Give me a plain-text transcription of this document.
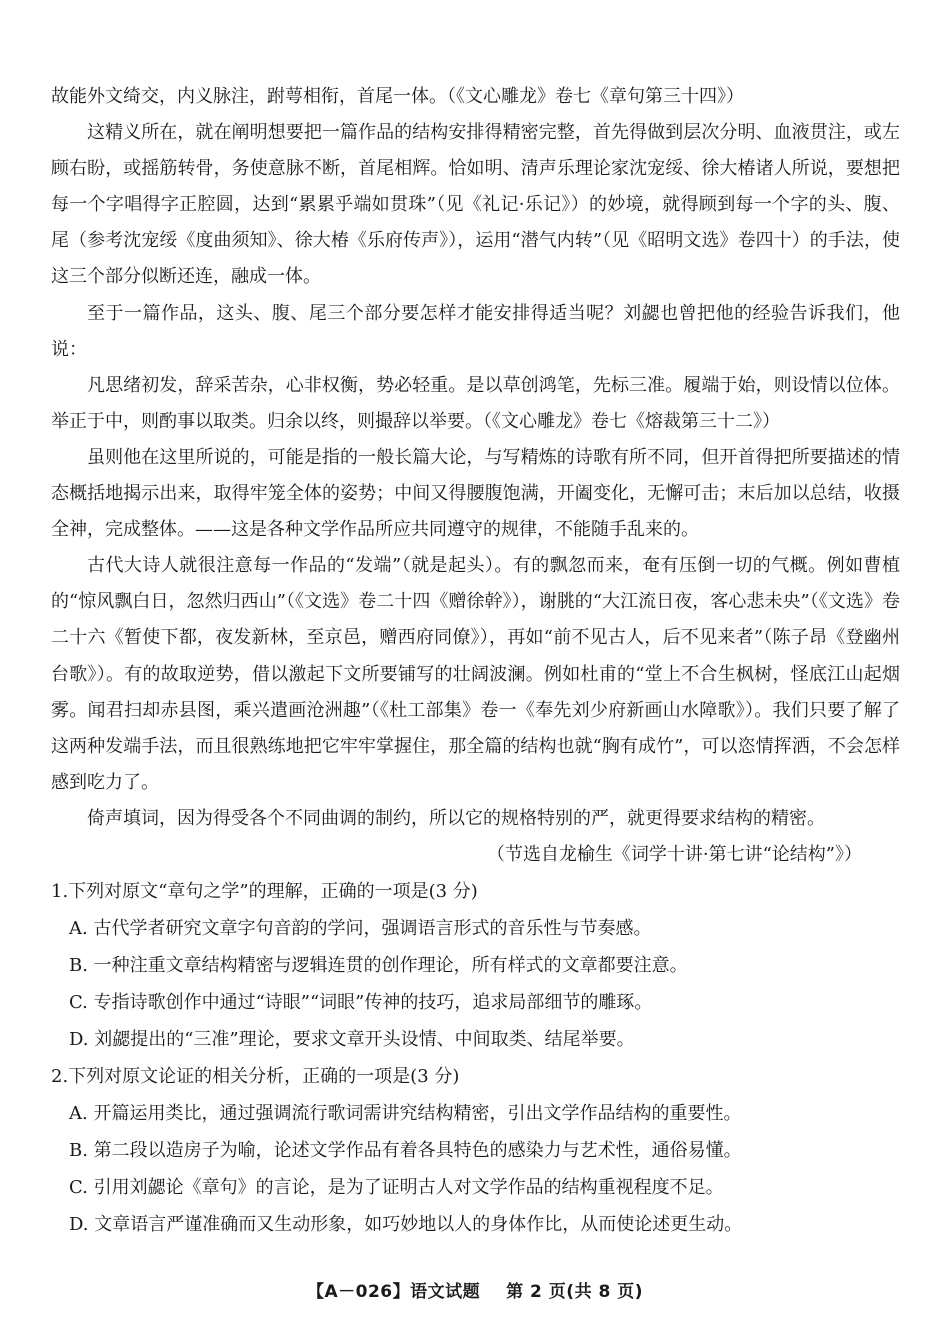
故能外文绮交，内义脉注，跗萼相衔，首尾一体。（《文心雕龙》卷七《章句第三十四》）

这精义所在，就在阐明想要把一篇作品的结构安排得精密完整，首先得做到层次分明、血液贯注，或左顾右盼，或摇筋转骨，务使意脉不断，首尾相辉。恰如明、清声乐理论家沈宠绥、徐大椿诸人所说，要想把每一个字唱得字正腔圆，达到“累累乎端如贯珠”（见《礼记·乐记》）的妙境，就得顾到每一个字的头、腹、尾（参考沈宠绥《度曲须知》、徐大椿《乐府传声》），运用“潜气内转”（见《昭明文选》卷四十）的手法，使这三个部分似断还连，融成一体。

至于一篇作品，这头、腹、尾三个部分要怎样才能安排得适当呢？刘勰也曾把他的经验告诉我们，他说：

凡思绪初发，辞采苦杂，心非权衡，势必轻重。是以草创鸿笔，先标三准。履端于始，则设情以位体。举正于中，则酌事以取类。归余以终，则撮辞以举要。（《文心雕龙》卷七《熔裁第三十二》）

虽则他在这里所说的，可能是指的一般长篇大论，与写精炼的诗歌有所不同，但开首得把所要描述的情态概括地揭示出来，取得牢笼全体的姿势；中间又得腰腹饱满，开阖变化，无懈可击；末后加以总结，收摄全神，完成整体。——这是各种文学作品所应共同遵守的规律，不能随手乱来的。

古代大诗人就很注意每一作品的“发端”（就是起头）。有的飘忽而来，奄有压倒一切的气概。例如曹植的“惊风飘白日，忽然归西山”（《文选》卷二十四《赠徐幹》），谢朓的“大江流日夜，客心悲未央”（《文选》卷二十六《暂使下都，夜发新林，至京邑，赠西府同僚》），再如“前不见古人，后不见来者”（陈子昂《登幽州台歌》）。有的故取逆势，借以激起下文所要铺写的壮阔波澜。例如杜甫的“堂上不合生枫树，怪底江山起烟雾。闻君扫却赤县图，乘兴遣画沧洲趣”（《杜工部集》卷一《奉先刘少府新画山水障歌》）。我们只要了解了这两种发端手法，而且很熟练地把它牢牢掌握住，那全篇的结构也就“胸有成竹”，可以恣情挥洒，不会怎样感到吃力了。

倚声填词，因为得受各个不同曲调的制约，所以它的规格特别的严，就更得要求结构的精密。

（节选自龙榆生《词学十讲·第七讲“论结构”》）

1.下列对原文“章句之学”的理解，正确的一项是(3 分)

A. 古代学者研究文章字句音韵的学问，强调语言形式的音乐性与节奏感。

B. 一种注重文章结构精密与逻辑连贯的创作理论，所有样式的文章都要注意。

C. 专指诗歌创作中通过“诗眼”“词眼”传神的技巧，追求局部细节的雕琢。

D. 刘勰提出的“三准”理论，要求文章开头设情、中间取类、结尾举要。

2.下列对原文论证的相关分析，正确的一项是(3 分)

A. 开篇运用类比，通过强调流行歌词需讲究结构精密，引出文学作品结构的重要性。

B. 第二段以造房子为喻，论述文学作品有着各具特色的感染力与艺术性，通俗易懂。

C. 引用刘勰论《章句》的言论，是为了证明古人对文学作品的结构重视程度不足。

D. 文章语言严谨准确而又生动形象，如巧妙地以人的身体作比，从而使论述更生动。

【A－026】语文试题 第 2 页(共 8 页)
